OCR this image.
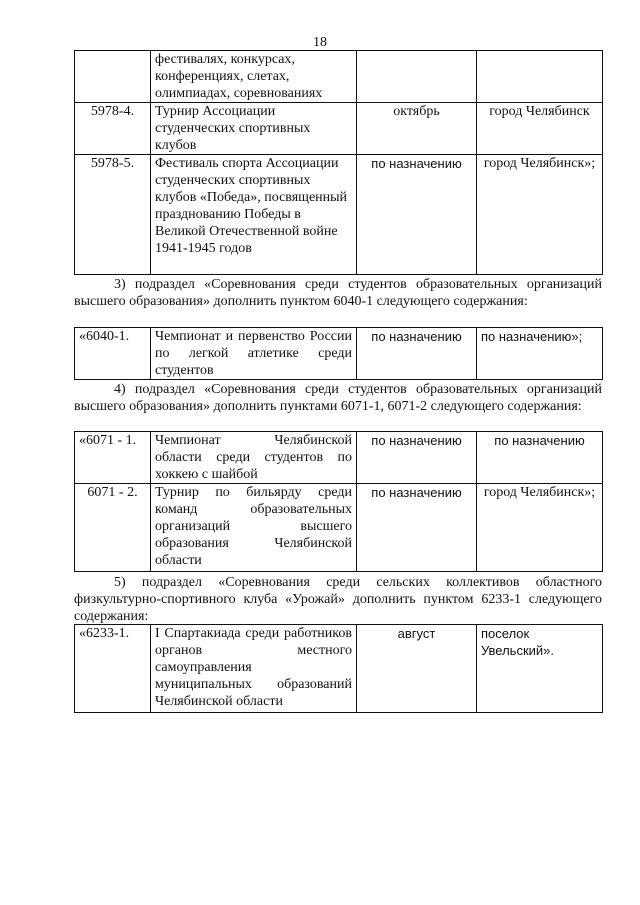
18
	фестивалях, конкурсах, конференциях, слетах, олимпиадах, соревнованиях		
5978-4.	Турнир Ассоциации студенческих спортивных клубов	октябрь	город Челябинск
5978-5.	Фестиваль спорта Ассоциации студенческих спортивных клубов «Победа», посвященный празднованию Победы в Великой Отечественной войне 1941-1945 годов	по назначению	город Челябинск»;
3) подраздел «Соревнования среди студентов образовательных организаций высшего образования» дополнить пунктом 6040-1 следующего содержания:
«6040-1.	Чемпионат и первенство России по легкой атлетике среди студентов	по назначению	по назначению»;
4) подраздел «Соревнования среди студентов образовательных организаций высшего образования» дополнить пунктами 6071-1, 6071-2 следующего содержания:
«6071 - 1.	Чемпионат Челябинской области среди студентов по хоккею с шайбой	по назначению	по назначению
6071 - 2.	Турнир по бильярду среди команд образовательных организаций высшего образования Челябинской области	по назначению	город Челябинск»;
5) подраздел «Соревнования среди сельских коллективов областного физкультурно-спортивного клуба «Урожай» дополнить пунктом 6233-1 следующего содержания:
«6233-1.	I Спартакиада среди работников органов местного самоуправления муниципальных образований Челябинской области	август	поселок Увельский».
